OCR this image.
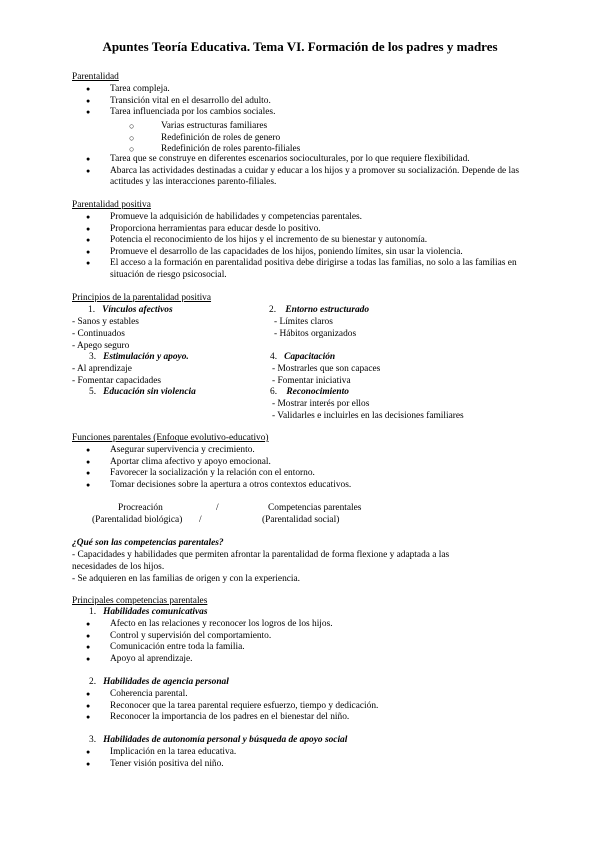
Apuntes Teoría Educativa. Tema VI. Formación de los padres y madres
Parentalidad
● Tarea compleja.
● Transición vital en el desarrollo del adulto.
● Tarea influenciada por los cambios sociales.
○ Varias estructuras familiares
○ Redefinición de roles de genero
○ Redefinición de roles parento-filiales
● Tarea que se construye en diferentes escenarios socioculturales, por lo que requiere flexibilidad.
● Abarca las actividades destinadas a cuidar y educar a los hijos y a promover su socialización. Depende de las actitudes y las interacciones parento-filiales.
Parentalidad positiva
● Promueve la adquisición de habilidades y competencias parentales.
● Proporciona herramientas para educar desde lo positivo.
● Potencia el reconocimiento de los hijos y el incremento de su bienestar y autonomía.
● Promueve el desarrollo de las capacidades de los hijos, poniendo límites, sin usar la violencia.
● El acceso a la formación en parentalidad positiva debe dirigirse a todas las familias, no solo a las familias en situación de riesgo psicosocial.
Principios de la parentalidad positiva
1. Vínculos afectivos
- Sanos y estables
- Continuados
- Apego seguro
2. Entorno estructurado
- Límites claros
- Hábitos organizados
3. Estimulación y apoyo.
- Al aprendizaje
- Fomentar capacidades
4. Capacitación
- Mostrarles que son capaces
- Fomentar iniciativa
5. Educación sin violencia	6. Reconocimiento
- Mostrar interés por ellos
- Validarles e incluirles en las decisiones familiares
Funciones parentales (Enfoque evolutivo-educativo)
● Asegurar supervivencia y crecimiento.
● Aportar clima afectivo y apoyo emocional.
● Favorecer la socialización y la relación con el entorno.
● Tomar decisiones sobre la apertura a otros contextos educativos.
Procreación	/	Competencias parentales
(Parentalidad biológica) /	(Parentalidad social)
¿Qué son las competencias parentales?
- Capacidades y habilidades que permiten afrontar la parentalidad de forma flexione y adaptada a las
necesidades de los hijos.
- Se adquieren en las familias de origen y con la experiencia.
Principales competencias parentales
1. Habilidades comunicativas
● Afecto en las relaciones y reconocer los logros de los hijos.
● Control y supervisión del comportamiento.
● Comunicación entre toda la familia.
● Apoyo al aprendizaje.
2. Habilidades de agencia personal
● Coherencia parental.
● Reconocer que la tarea parental requiere esfuerzo, tiempo y dedicación.
● Reconocer la importancia de los padres en el bienestar del niño.
3. Habilidades de autonomía personal y búsqueda de apoyo social
● Implicación en la tarea educativa.
● Tener visión positiva del niño.
